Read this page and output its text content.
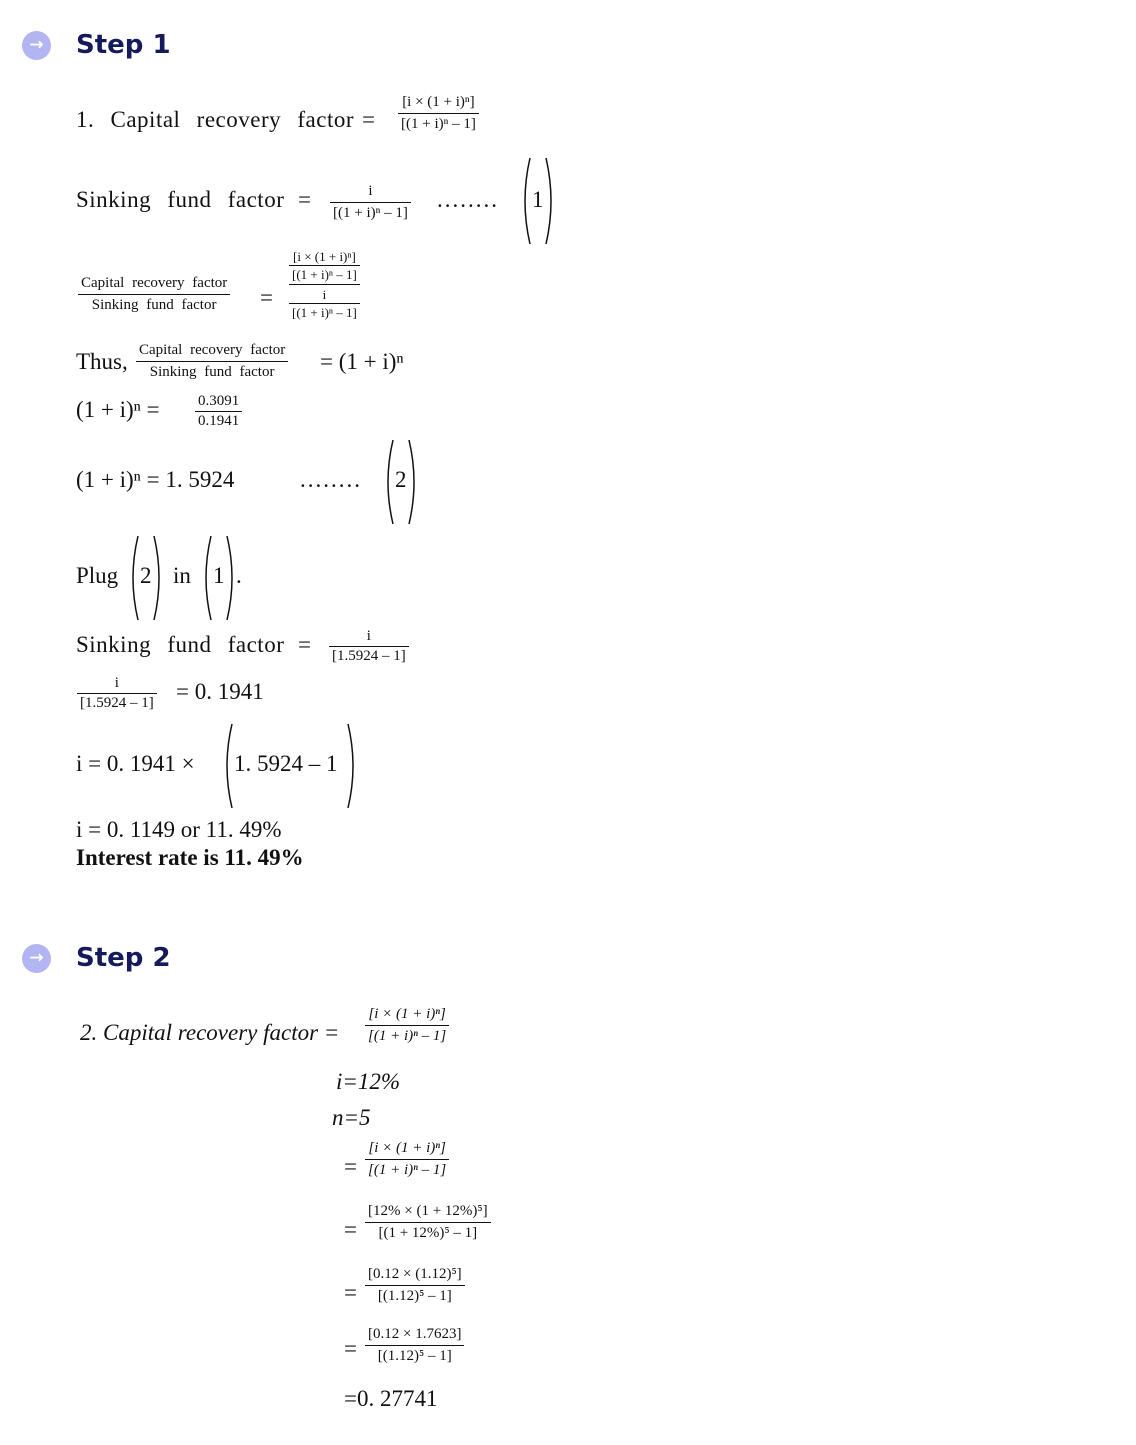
→ Step 1
1. Capital recovery factor =
[i × (1 + i)ⁿ]
[(1 + i)ⁿ – 1]
Sinking fund factor =	i
[(1 + i)ⁿ – 1]
........ 1
Capital recovery factor
Sinking fund factor =
$\frac{\text{[i × (1 + i)ⁿ]}}{\text{[(1 + i)ⁿ – 1]}}$
$\frac{i}{\text{[(1 + i)ⁿ – 1]}}$
Thus, Capital recovery factor
Sinking fund factor = (1 + i)ⁿ
(1 + i)ⁿ =	0.3091
0.1941
(1 + i)ⁿ = 1. 5924	........ 2
Plug 2 in 1 .
Sinking fund factor =	i
[1.5924 – 1]
i
[1.5924 – 1] = 0. 1941
i = 0. 1941 × 1. 5924 – 1
i = 0. 1149 or 11. 49%
Interest rate is 11. 49%
→ Step 2
2. Capital recovery factor =
[i × (1 + i)ⁿ]
[(1 + i)ⁿ – 1]
i=12%
n=5
=
[i × (1 + i)ⁿ]
[(1 + i)ⁿ – 1]
=
[12% × (1 + 12%)⁵]
[(1 + 12%)⁵ – 1]
=
[0.12 × (1.12)⁵]
[(1.12)⁵ – 1]
=
[0.12 × 1.7623]
[(1.12)⁵ – 1]
=0. 27741
